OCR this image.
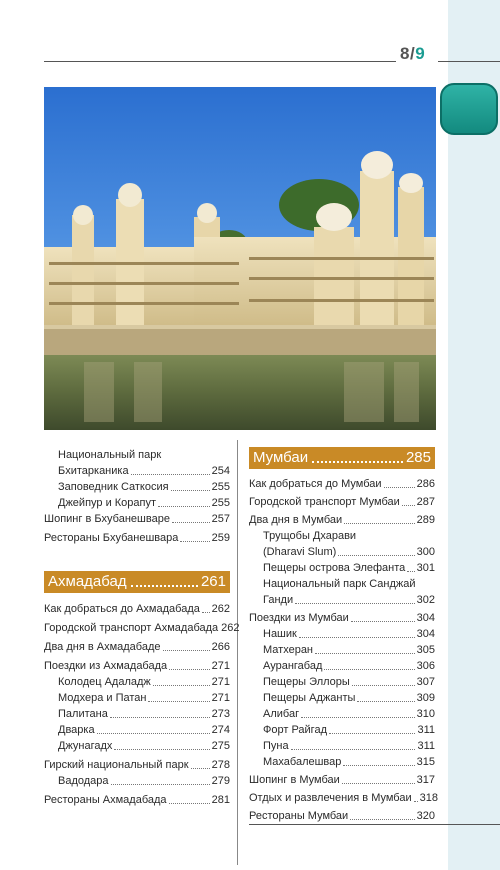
8/9
Национальный парк
Бхитарканика	254
Заповедник Саткосия	255
Джейпур и Корапут	255
Шопинг в Бхубанешваре	257
Рестораны Бхубанешвара	259
Ахмадабад	261
Как добраться до Ахмадабада 262
Городской транспорт Ахмадабада 262
Два дня в Ахмадабаде	266
Поездки из Ахмадабада	271
Колодец Адаладж	271
Модхера и Патан	271
Палитана	273
Дварка	274
Джунагадх	275
Гирский национальный парк 278
Вадодара	279
Рестораны Ахмадабада	281
Мумбаи	285
Как добраться до Мумбаи	286
Городской транспорт Мумбаи 287
Два дня в Мумбаи	289
Трущобы Дхарави
(Dharavi Slum)	300
Пещеры острова Элефанта 301
Национальный парк Санджай
Ганди	302
Поездки из Мумбаи	304
Нашик	304
Матхеран	305
Аурангабад	306
Пещеры Эллоры	307
Пещеры Аджанты	309
Алибаг	310
Форт Райгад	311
Пуна	311
Махабалешвар	315
Шопинг в Мумбаи	317
Отдых и развлечения в Мумбаи 318
Рестораны Мумбаи	320
